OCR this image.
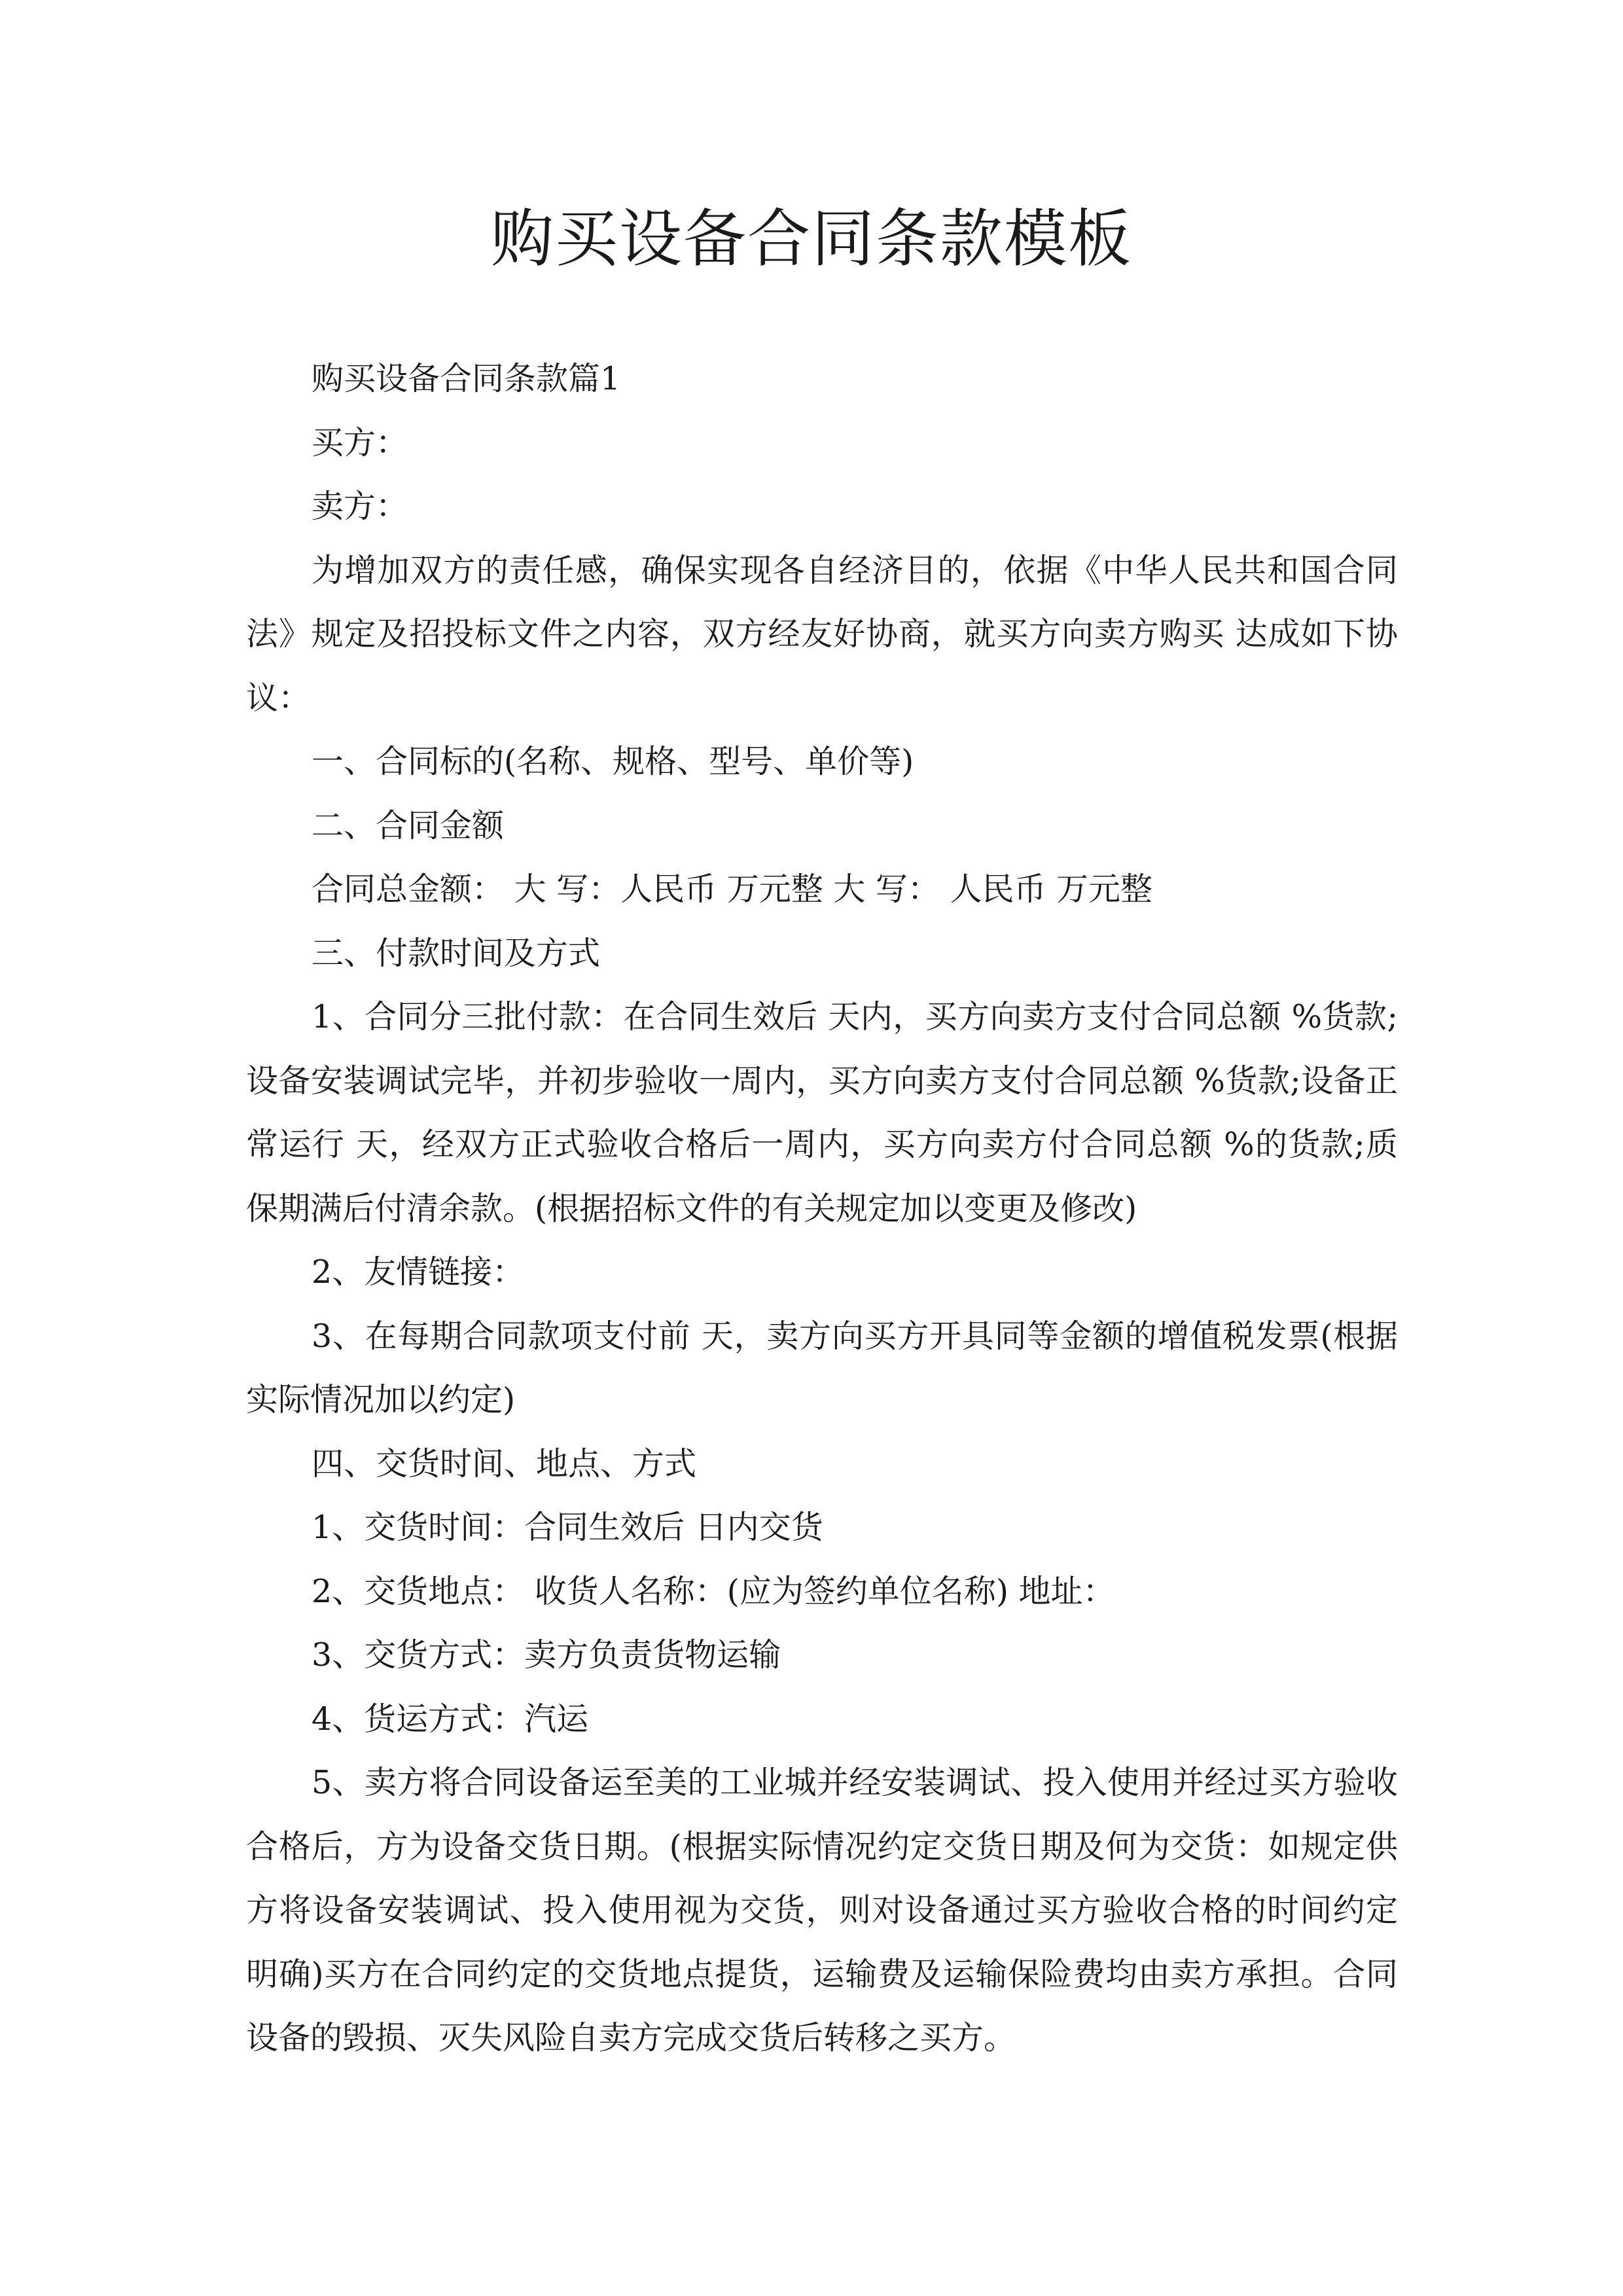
购买设备合同条款模板

购买设备合同条款篇1

买方：

卖方：

为增加双方的责任感，确保实现各自经济目的，依据《中华人民共和国合同法》规定及招投标文件之内容，双方经友好协商，就买方向卖方购买 达成如下协议：

一、合同标的(名称、规格、型号、单价等)

二、合同金额

合同总金额： 大 写：人民币 万元整 大 写： 人民币 万元整

三、付款时间及方式

1、合同分三批付款：在合同生效后 天内，买方向卖方支付合同总额 %货款;设备安装调试完毕，并初步验收一周内，买方向卖方支付合同总额 %货款;设备正常运行 天，经双方正式验收合格后一周内，买方向卖方付合同总额 %的货款;质保期满后付清余款。(根据招标文件的有关规定加以变更及修改)

2、友情链接：

3、在每期合同款项支付前 天，卖方向买方开具同等金额的增值税发票(根据实际情况加以约定)

四、交货时间、地点、方式

1、交货时间：合同生效后 日内交货

2、交货地点： 收货人名称：(应为签约单位名称) 地址：

3、交货方式：卖方负责货物运输

4、货运方式：汽运

5、卖方将合同设备运至美的工业城并经安装调试、投入使用并经过买方验收合格后，方为设备交货日期。(根据实际情况约定交货日期及何为交货：如规定供方将设备安装调试、投入使用视为交货，则对设备通过买方验收合格的时间约定明确)买方在合同约定的交货地点提货，运输费及运输保险费均由卖方承担。合同设备的毁损、灭失风险自卖方完成交货后转移之买方。
